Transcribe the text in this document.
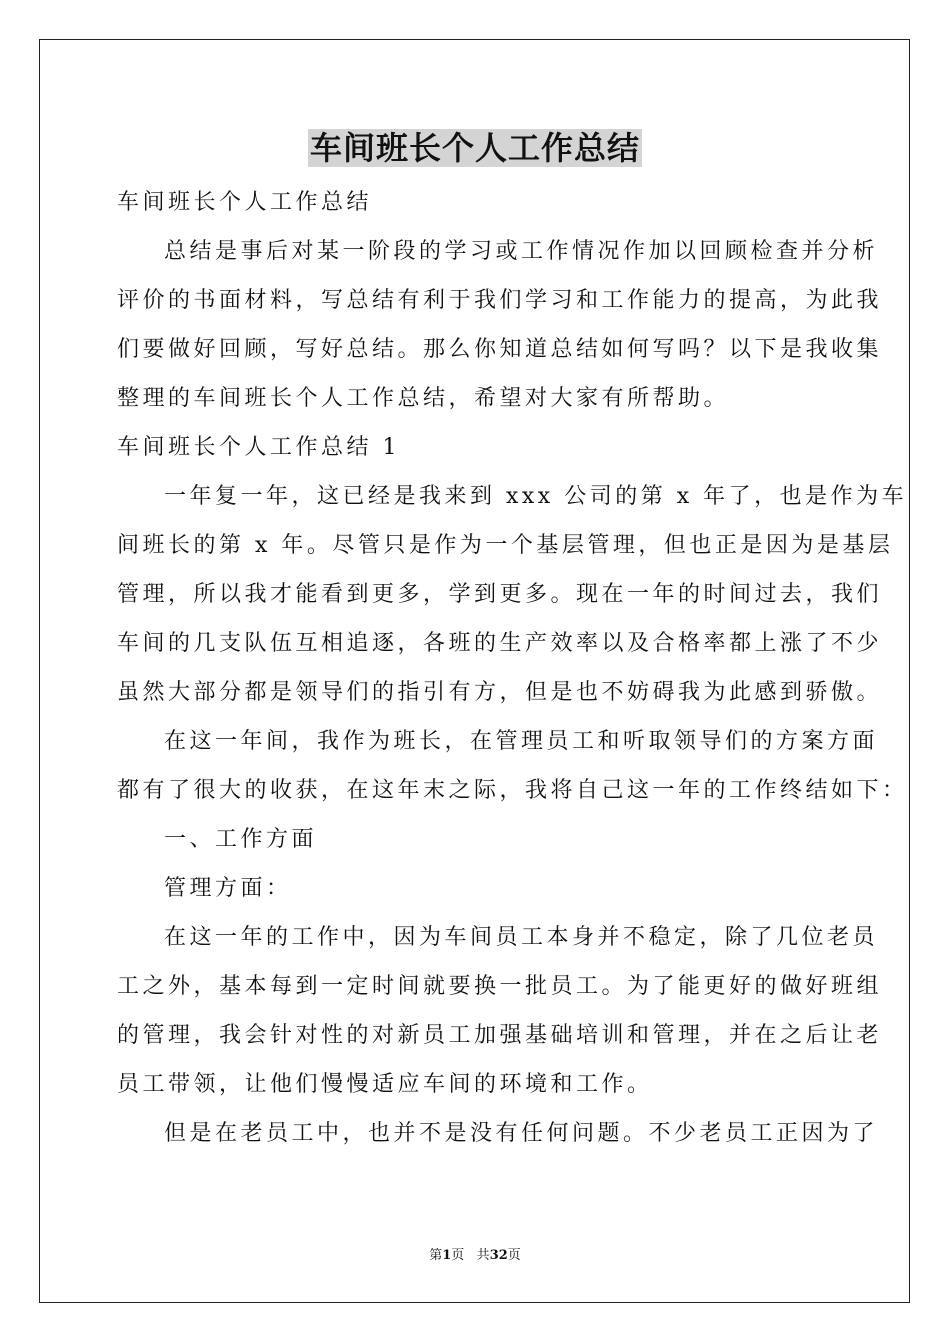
车间班长个人工作总结
车间班长个人工作总结
总结是事后对某一阶段的学习或工作情况作加以回顾检查并分析
评价的书面材料，写总结有利于我们学习和工作能力的提高，为此我
们要做好回顾，写好总结。那么你知道总结如何写吗？以下是我收集
整理的车间班长个人工作总结，希望对大家有所帮助。
车间班长个人工作总结 1
一年复一年，这已经是我来到 xxx 公司的第 x 年了，也是作为车
间班长的第 x 年。尽管只是作为一个基层管理，但也正是因为是基层
管理，所以我才能看到更多，学到更多。现在一年的时间过去，我们
车间的几支队伍互相追逐，各班的生产效率以及合格率都上涨了不少
虽然大部分都是领导们的指引有方，但是也不妨碍我为此感到骄傲。
在这一年间，我作为班长，在管理员工和听取领导们的方案方面
都有了很大的收获，在这年末之际，我将自己这一年的工作终结如下：
一、工作方面
管理方面：
在这一年的工作中，因为车间员工本身并不稳定，除了几位老员
工之外，基本每到一定时间就要换一批员工。为了能更好的做好班组
的管理，我会针对性的对新员工加强基础培训和管理，并在之后让老
员工带领，让他们慢慢适应车间的环境和工作。
但是在老员工中，也并不是没有任何问题。不少老员工正因为了
第1页 共32页
